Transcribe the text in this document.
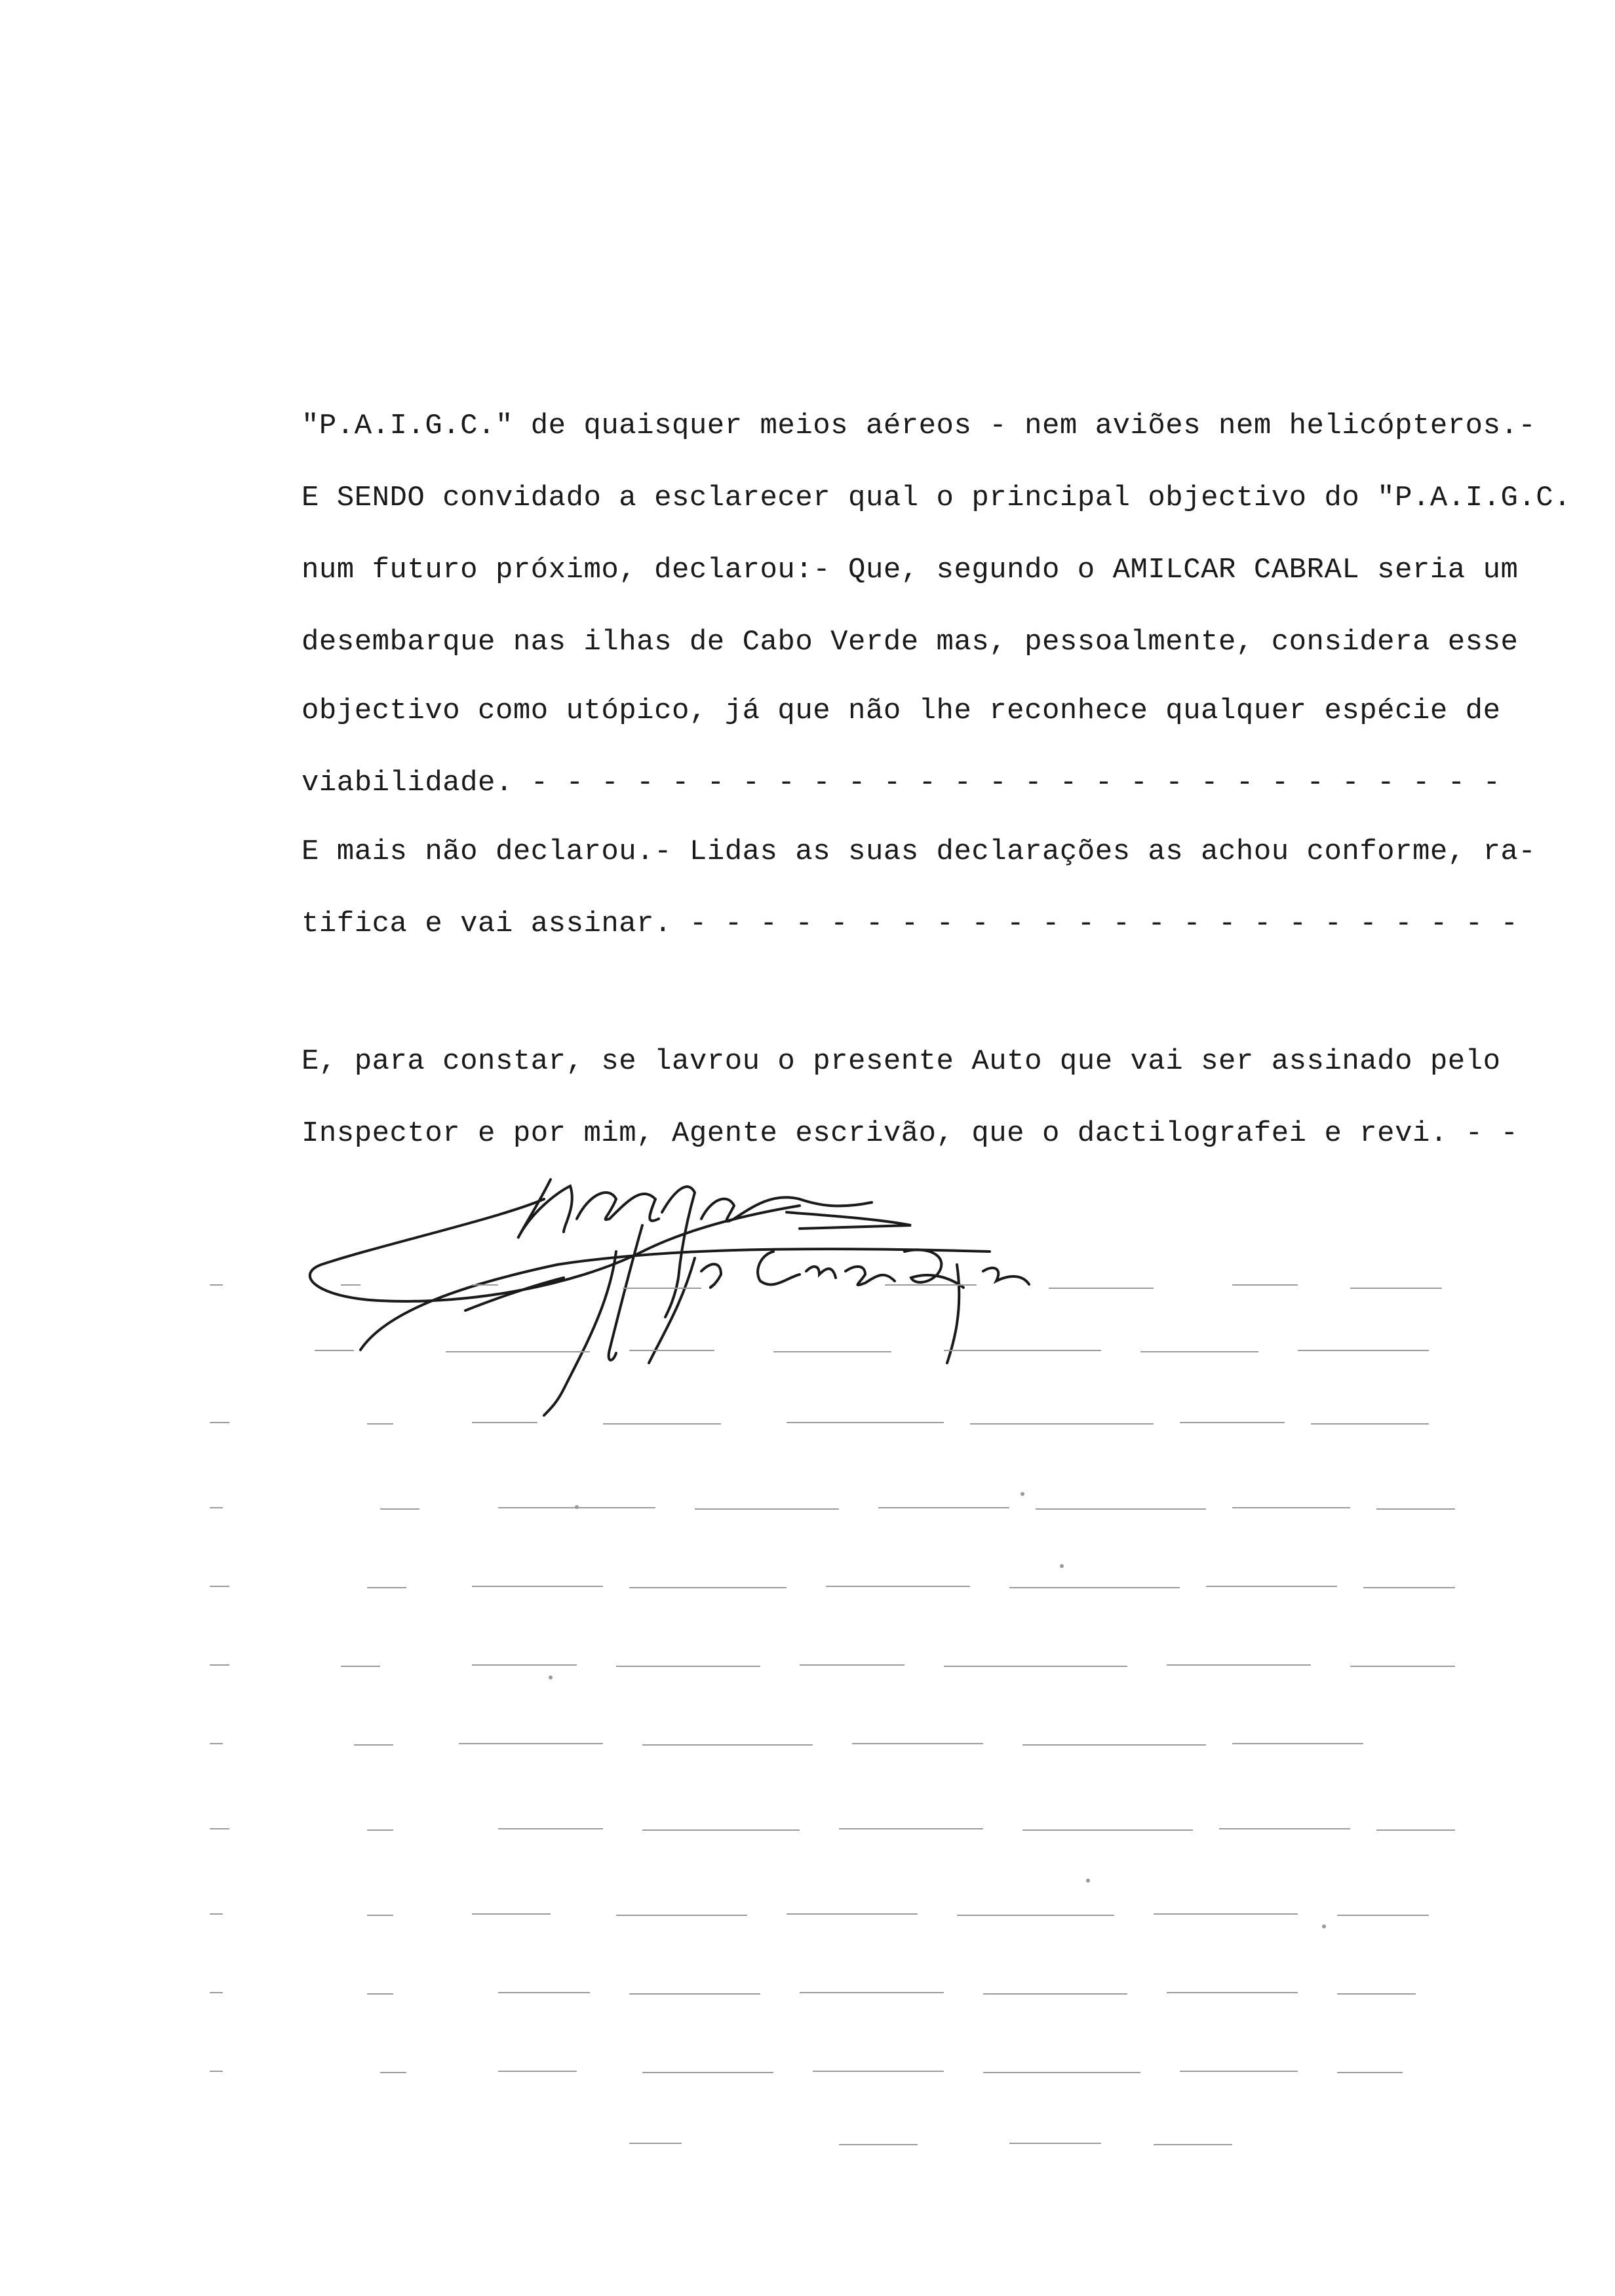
"P.A.I.G.C." de quaisquer meios aéreos - nem aviões nem helicópteros.-
E SENDO convidado a esclarecer qual o principal objectivo do "P.A.I.G.C.
num futuro próximo, declarou:- Que, segundo o AMILCAR CABRAL seria um
desembarque nas ilhas de Cabo Verde mas, pessoalmente, considera esse
objectivo como utópico, já que não lhe reconhece qualquer espécie de
viabilidade. - - - - - - - - - - - - - - - - - - - - - - - - - - - -
E mais não declarou.- Lidas as suas declarações as achou conforme, ra-
tifica e vai assinar. - - - - - - - - - - - - - - - - - - - - - - - -
E, para constar, se lavrou o presente Auto que vai ser assinado pelo
Inspector e por mim, Agente escrivão, que o dactilografei e revi. - -
